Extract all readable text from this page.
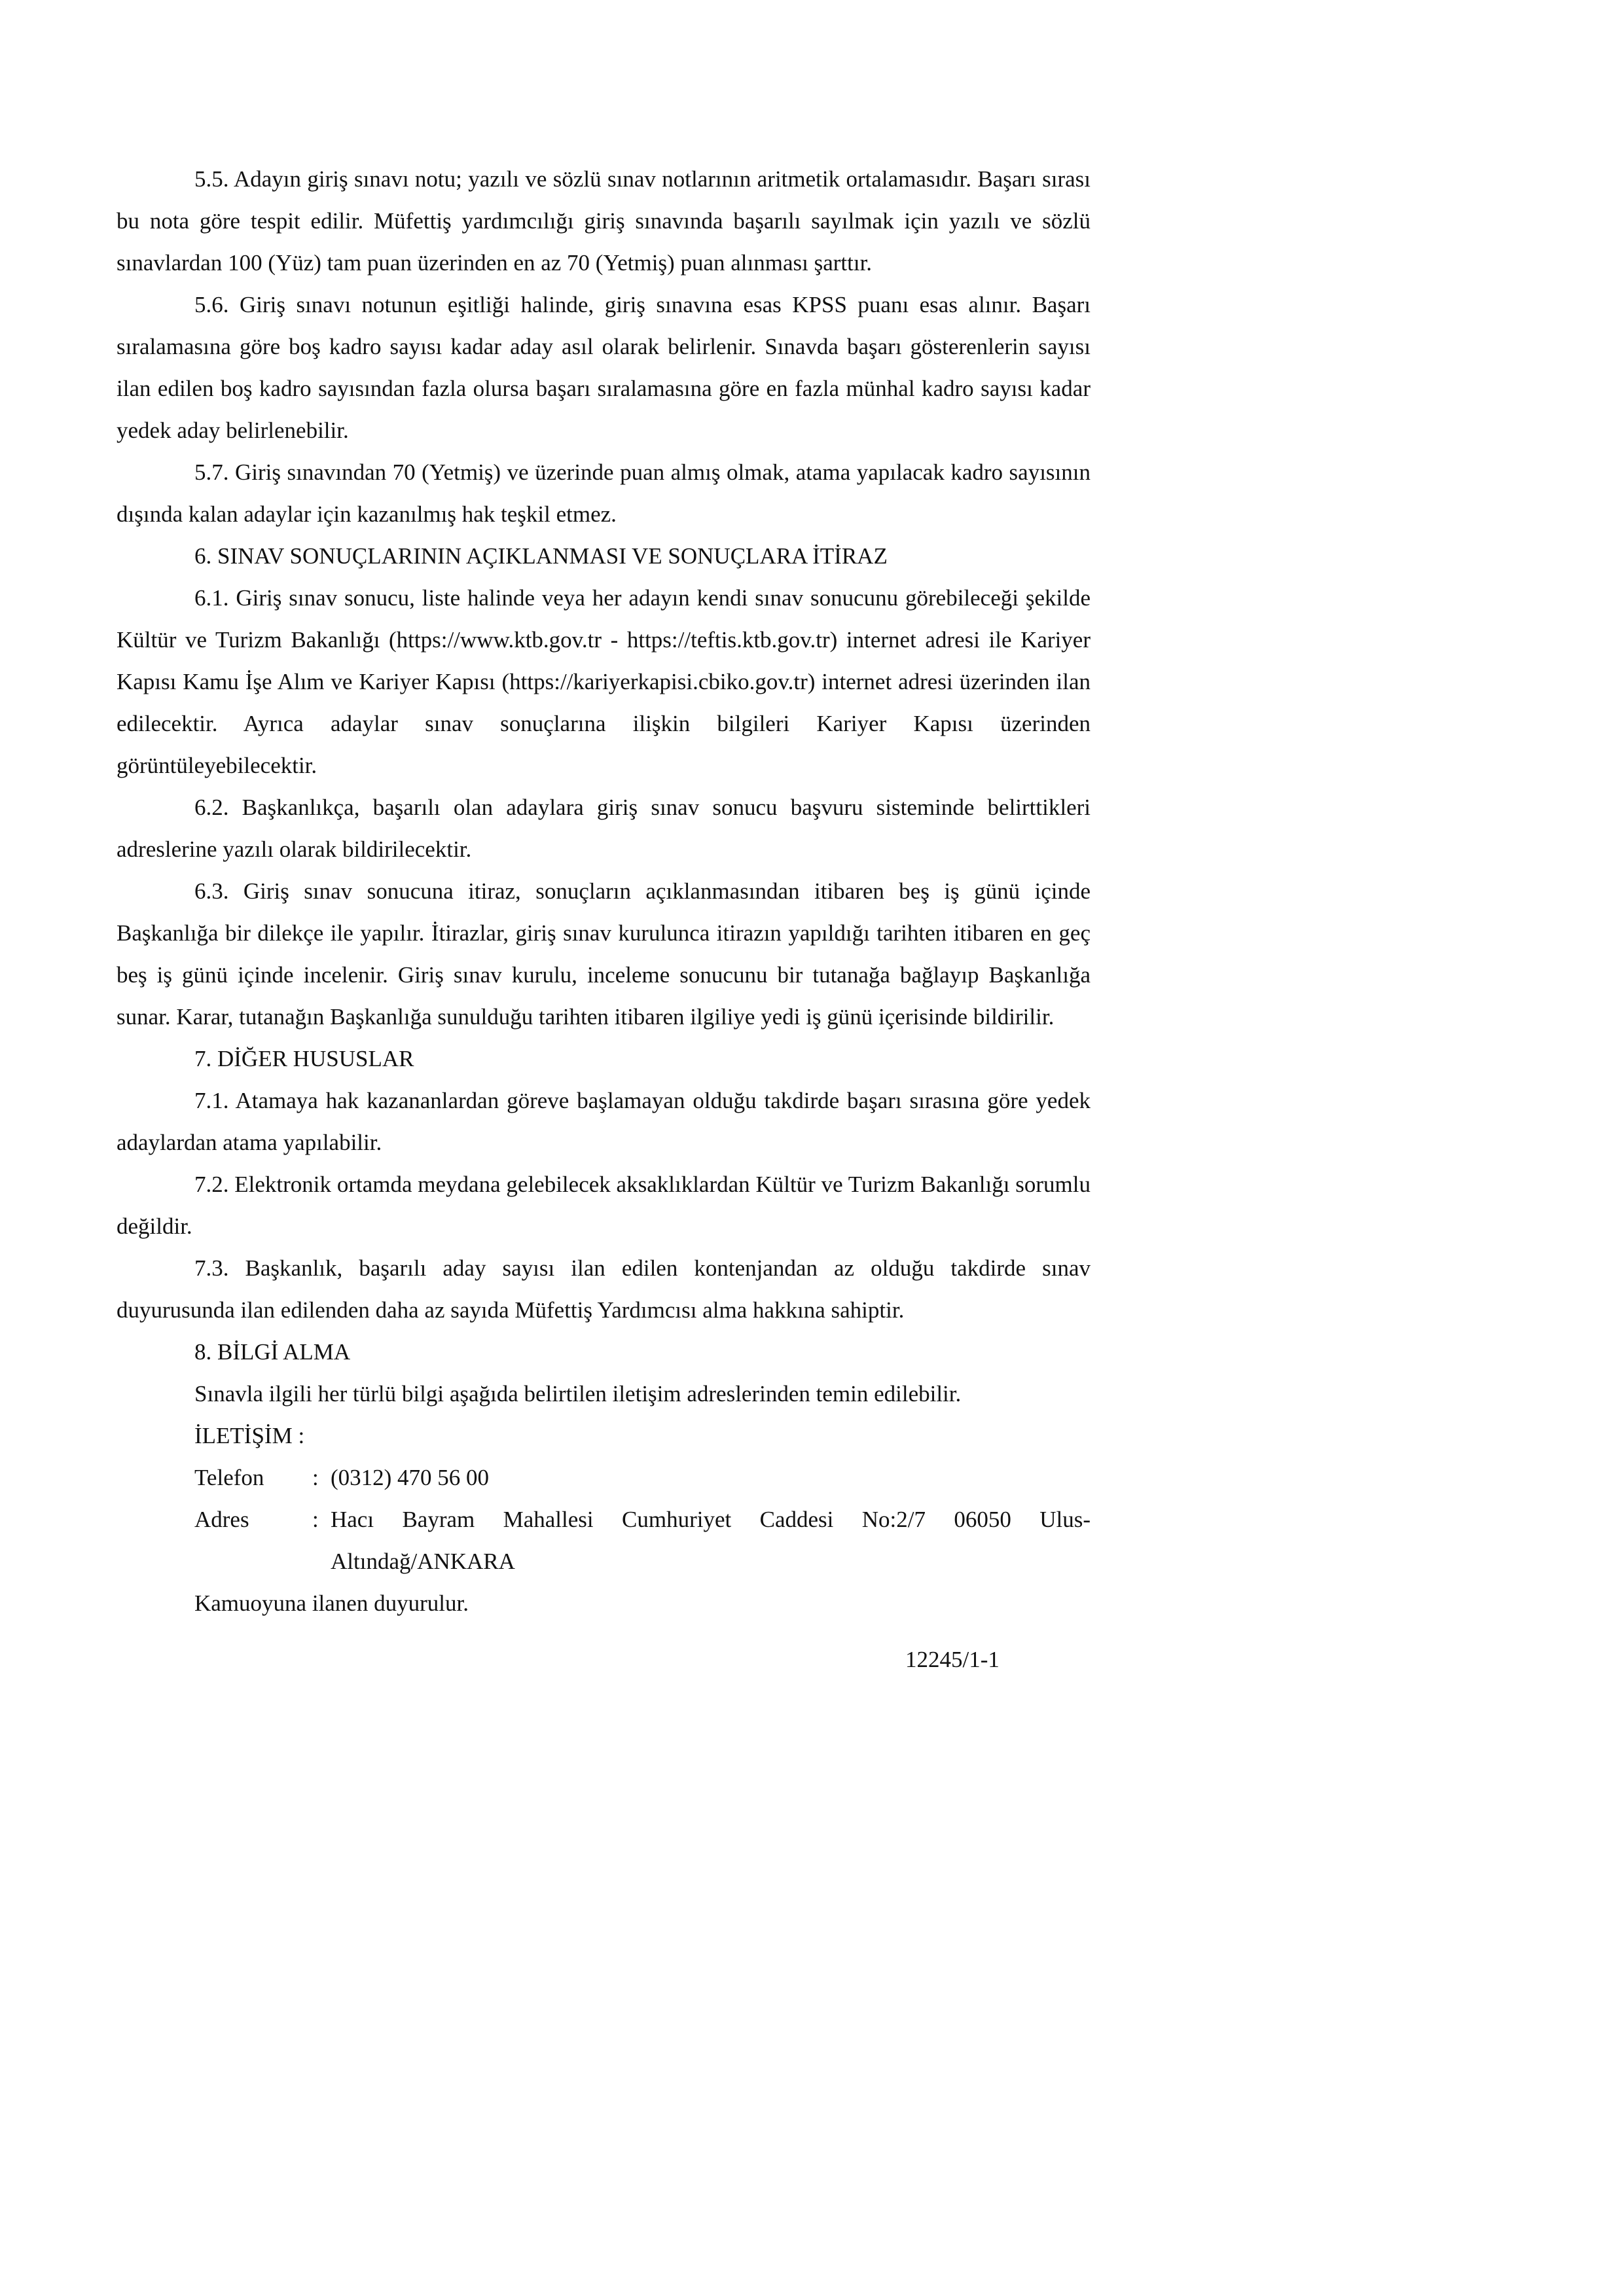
5.5. Adayın giriş sınavı notu; yazılı ve sözlü sınav notlarının aritmetik ortalamasıdır. Başarı sırası bu nota göre tespit edilir. Müfettiş yardımcılığı giriş sınavında başarılı sayılmak için yazılı ve sözlü sınavlardan 100 (Yüz) tam puan üzerinden en az 70 (Yetmiş) puan alınması şarttır.

5.6. Giriş sınavı notunun eşitliği halinde, giriş sınavına esas KPSS puanı esas alınır. Başarı sıralamasına göre boş kadro sayısı kadar aday asıl olarak belirlenir. Sınavda başarı gösterenlerin sayısı ilan edilen boş kadro sayısından fazla olursa başarı sıralamasına göre en fazla münhal kadro sayısı kadar yedek aday belirlenebilir.

5.7. Giriş sınavından 70 (Yetmiş) ve üzerinde puan almış olmak, atama yapılacak kadro sayısının dışında kalan adaylar için kazanılmış hak teşkil etmez.

6. SINAV SONUÇLARININ AÇIKLANMASI VE SONUÇLARA İTİRAZ

6.1. Giriş sınav sonucu, liste halinde veya her adayın kendi sınav sonucunu görebileceği şekilde Kültür ve Turizm Bakanlığı (https://www.ktb.gov.tr - https://teftis.ktb.gov.tr) internet adresi ile Kariyer Kapısı Kamu İşe Alım ve Kariyer Kapısı (https://kariyerkapisi.cbiko.gov.tr) internet adresi üzerinden ilan edilecektir. Ayrıca adaylar sınav sonuçlarına ilişkin bilgileri Kariyer Kapısı üzerinden görüntüleyebilecektir.

6.2. Başkanlıkça, başarılı olan adaylara giriş sınav sonucu başvuru sisteminde belirttikleri adreslerine yazılı olarak bildirilecektir.

6.3. Giriş sınav sonucuna itiraz, sonuçların açıklanmasından itibaren beş iş günü içinde Başkanlığa bir dilekçe ile yapılır. İtirazlar, giriş sınav kurulunca itirazın yapıldığı tarihten itibaren en geç beş iş günü içinde incelenir. Giriş sınav kurulu, inceleme sonucunu bir tutanağa bağlayıp Başkanlığa sunar. Karar, tutanağın Başkanlığa sunulduğu tarihten itibaren ilgiliye yedi iş günü içerisinde bildirilir.

7. DİĞER HUSUSLAR

7.1. Atamaya hak kazananlardan göreve başlamayan olduğu takdirde başarı sırasına göre yedek adaylardan atama yapılabilir.

7.2. Elektronik ortamda meydana gelebilecek aksaklıklardan Kültür ve Turizm Bakanlığı sorumlu değildir.

7.3. Başkanlık, başarılı aday sayısı ilan edilen kontenjandan az olduğu takdirde sınav duyurusunda ilan edilenden daha az sayıda Müfettiş Yardımcısı alma hakkına sahiptir.

8. BİLGİ ALMA

Sınavla ilgili her türlü bilgi aşağıda belirtilen iletişim adreslerinden temin edilebilir.

İLETİŞİM :

Telefon	: (0312) 470 56 00
Adres	: Hacı Bayram Mahallesi Cumhuriyet Caddesi No:2/7 06050 Ulus-Altındağ/ANKARA

Kamuoyuna ilanen duyurulur.

12245/1-1
